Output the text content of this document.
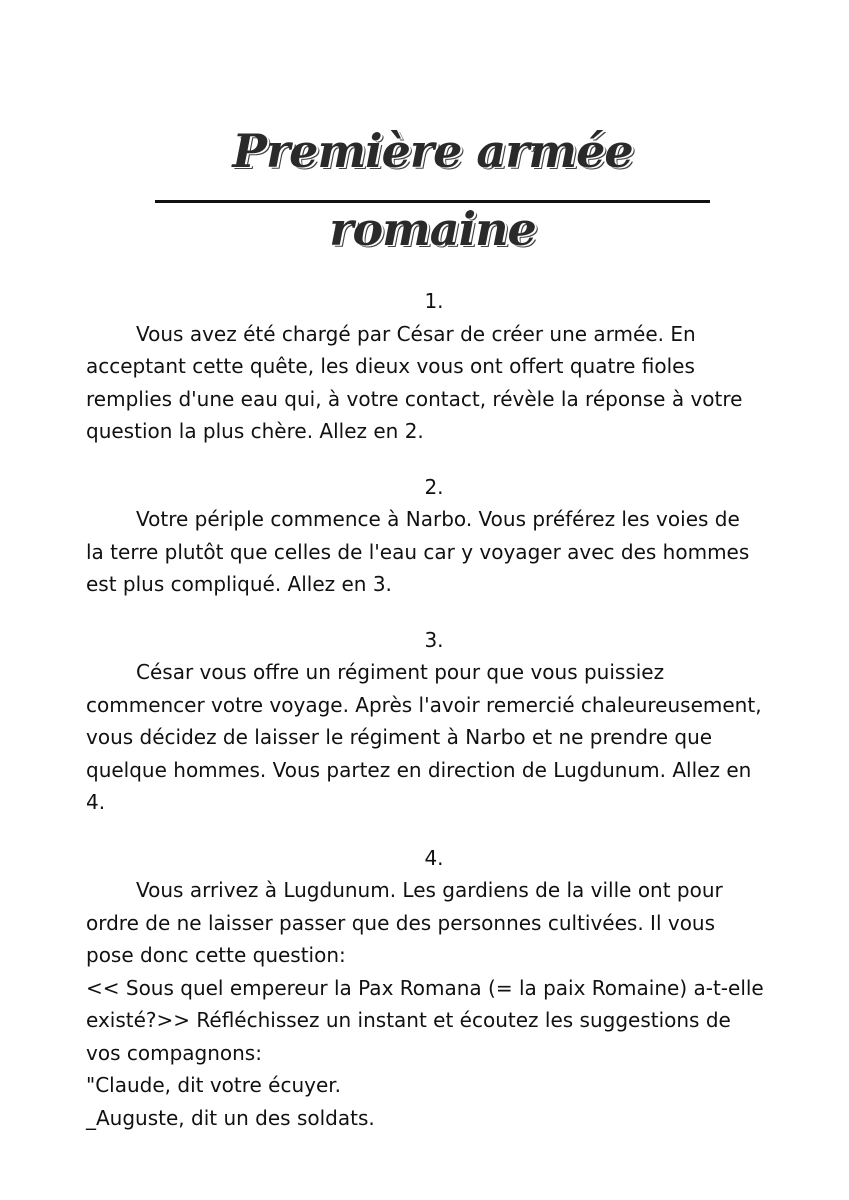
Première armée romaine
1.
Vous avez été chargé par César de créer une armée. En
acceptant cette quête, les dieux vous ont offert quatre fioles
remplies d'une eau qui, à votre contact, révèle la réponse à votre
question la plus chère. Allez en 2.
2.
Votre périple commence à Narbo. Vous préférez les voies de
la terre plutôt que celles de l'eau car y voyager avec des hommes
est plus compliqué. Allez en 3.
3.
César vous offre un régiment pour que vous puissiez
commencer votre voyage. Après l'avoir remercié chaleureusement,
vous décidez de laisser le régiment à Narbo et ne prendre que
quelque hommes. Vous partez en direction de Lugdunum. Allez en
4.
4.
Vous arrivez à Lugdunum. Les gardiens de la ville ont pour
ordre de ne laisser passer que des personnes cultivées. Il vous
pose donc cette question:
<< Sous quel empereur la Pax Romana (= la paix Romaine) a-t-elle
existé?>> Réfléchissez un instant et écoutez les suggestions de
vos compagnons:
"Claude, dit votre écuyer.
_Auguste, dit un des soldats.
